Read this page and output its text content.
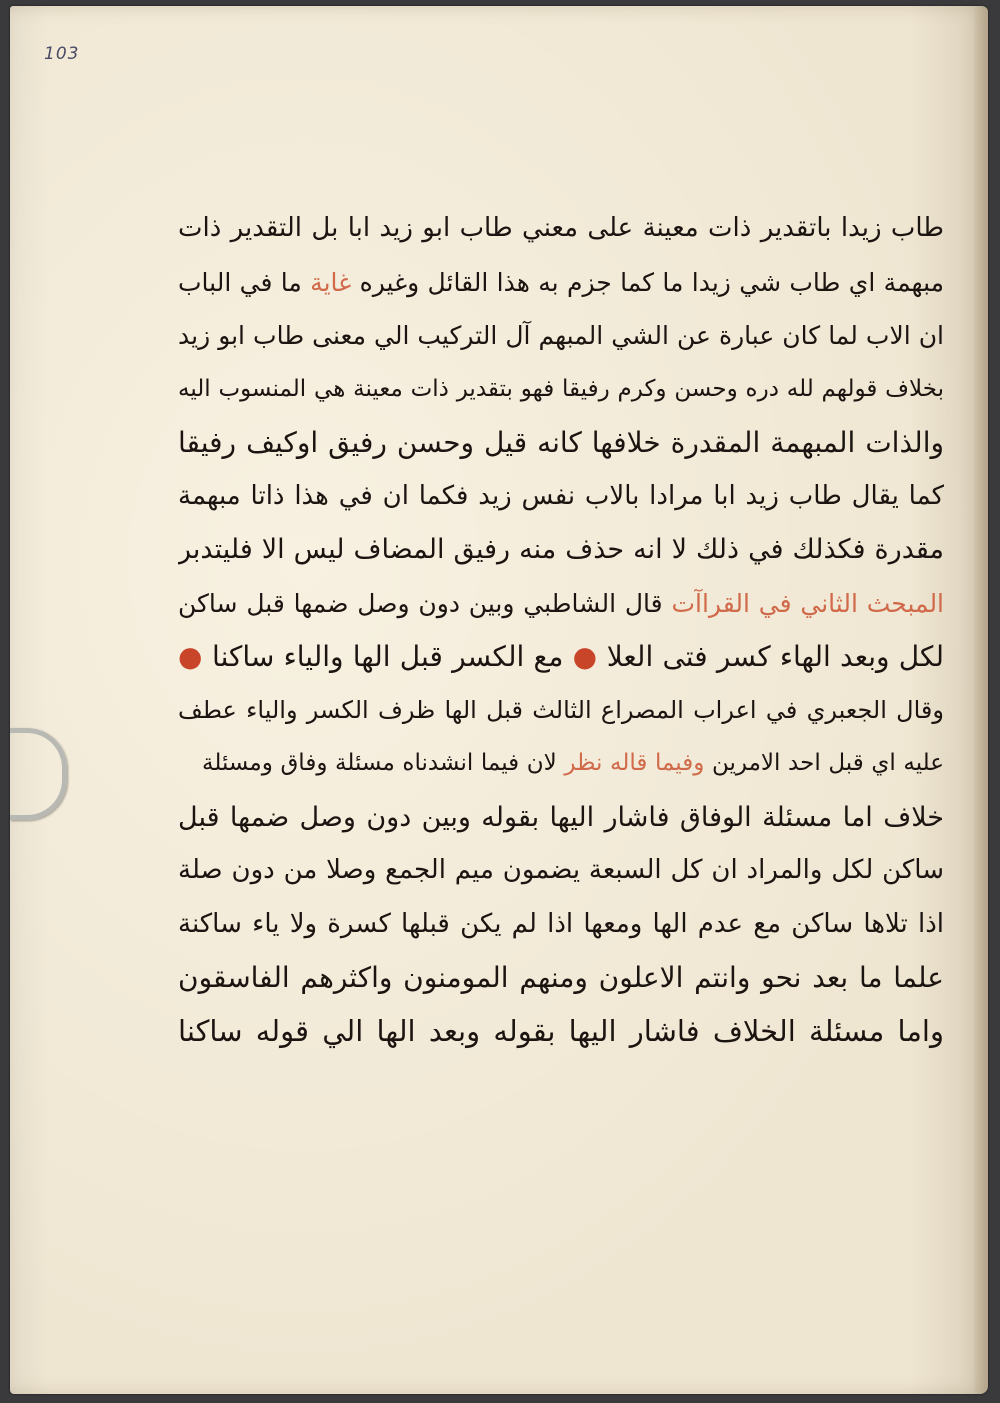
103
طاب زيدا باتقدير ذات معينة على معني طاب ابو زيد ابا بل التقدير ذات
مبهمة اي طاب شي زيدا ما كما جزم به هذا القائل وغيره غاية ما في الباب
ان الاب لما كان عبارة عن الشي المبهم آل التركيب الي معنى طاب ابو زيد
بخلاف قولهم لله دره وحسن وكرم رفيقا فهو بتقدير ذات معينة هي المنسوب اليه
والذات المبهمة المقدرة خلافها كانه قيل وحسن رفيق اوكيف رفيقا
كما يقال طاب زيد ابا مرادا بالاب نفس زيد فكما ان في هذا ذاتا مبهمة
مقدرة فكذلك في ذلك لا انه حذف منه رفيق المضاف ليس الا فليتدبر
المبحث الثاني في القراآت قال الشاطبي وبين دون وصل ضمها قبل ساكن
لكل وبعد الهاء كسر فتى العلا ● مع الكسر قبل الها والياء ساكنا ●
وقال الجعبري في اعراب المصراع الثالث قبل الها ظرف الكسر والياء عطف
عليه اي قبل احد الامرين وفيما قاله نظر لان فيما انشدناه مسئلة وفاق ومسئلة
خلاف اما مسئلة الوفاق فاشار اليها بقوله وبين دون وصل ضمها قبل
ساكن لكل والمراد ان كل السبعة يضمون ميم الجمع وصلا من دون صلة
اذا تلاها ساكن مع عدم الها ومعها اذا لم يكن قبلها كسرة ولا ياء ساكنة
علما ما بعد نحو وانتم الاعلون ومنهم المومنون واكثرهم الفاسقون
واما مسئلة الخلاف فاشار اليها بقوله وبعد الها الي قوله ساكنا
